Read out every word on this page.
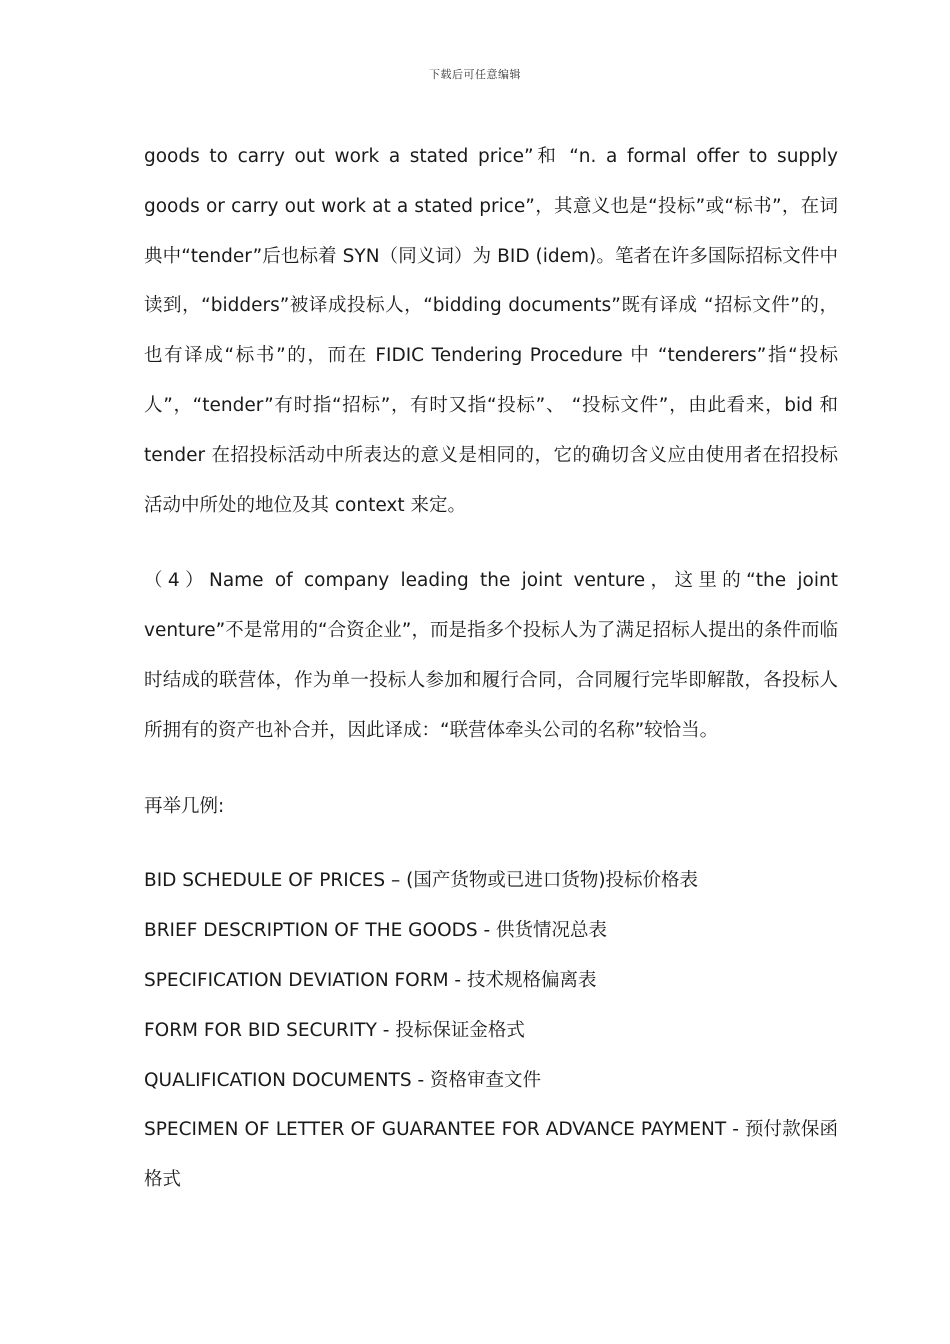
下载后可任意编辑

goods to carry out work a stated price”和 “n. a formal offer to supply goods or carry out work at a stated price”，其意义也是“投标”或“标书”，在词典中“tender”后也标着 SYN（同义词）为 BID (idem)。笔者在许多国际招标文件中读到，“bidders”被译成投标人，“bidding documents”既有译成 “招标文件”的，也有译成“标书”的，而在 FIDIC Tendering Procedure 中 “tenderers”指“投标人”，“tender”有时指“招标”，有时又指“投标”、 “投标文件”，由此看来，bid 和 tender 在招投标活动中所表达的意义是相同的，它的确切含义应由使用者在招投标活动中所处的地位及其 context 来定。

（4）Name of company leading the joint venture，这里的“the joint venture”不是常用的“合资企业”，而是指多个投标人为了满足招标人提出的条件而临时结成的联营体，作为单一投标人参加和履行合同，合同履行完毕即解散，各投标人所拥有的资产也补合并，因此译成：“联营体牵头公司的名称”较恰当。

再举几例:

BID SCHEDULE OF PRICES – (国产货物或已进口货物)投标价格表

BRIEF DESCRIPTION OF THE GOODS - 供货情况总表

SPECIFICATION DEVIATION FORM - 技术规格偏离表

FORM FOR BID SECURITY - 投标保证金格式

QUALIFICATION DOCUMENTS - 资格审查文件

SPECIMEN OF LETTER OF GUARANTEE FOR ADVANCE PAYMENT - 预付款保函格式
